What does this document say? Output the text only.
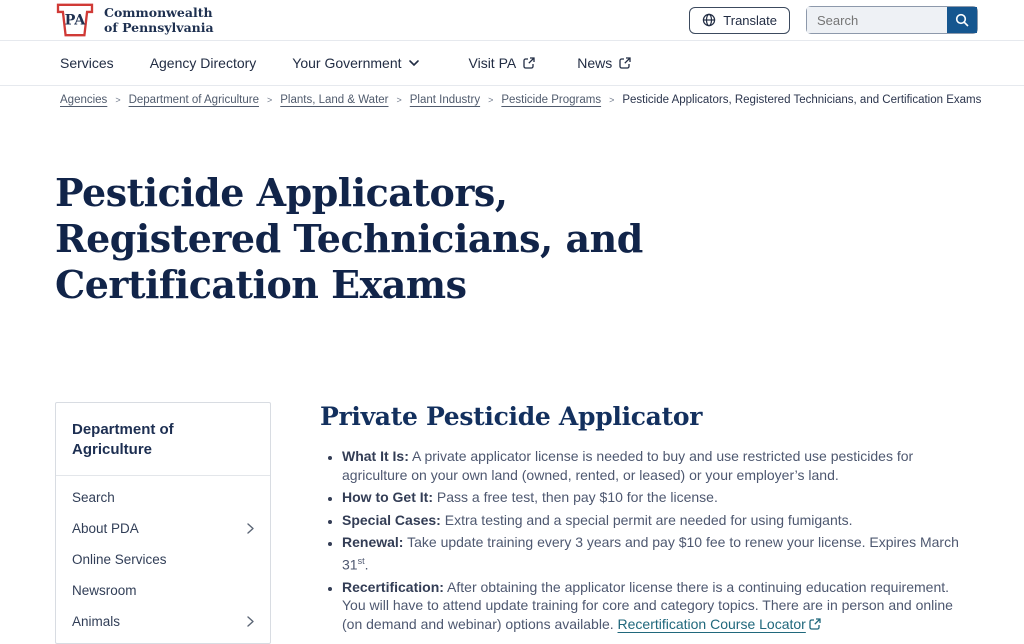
PA Commonwealth
of Pennsylvania	Translate
Search
Services	Agency Directory	Your Government	Visit PA	News
Agencies > Department of Agriculture > Plants, Land & Water > Plant Industry > Pesticide Programs > Pesticide Applicators, Registered Technicians, and Certification Exams
Pesticide Applicators, Registered Technicians, and Certification Exams
Department of Agriculture
Search
About PDA
Online Services
Newsroom
Animals
Private Pesticide Applicator
• What It Is: A private applicator license is needed to buy and use restricted use pesticides for agriculture on your own land (owned, rented, or leased) or your employer’s land.
• How to Get It: Pass a free test, then pay $10 for the license.
• Special Cases: Extra testing and a special permit are needed for using fumigants.
• Renewal: Take update training every 3 years and pay $10 fee to renew your license. Expires March 31st.
• Recertification: After obtaining the applicator license there is a continuing education requirement. You will have to attend update training for core and category topics. There are in person and online (on demand and webinar) options available. Recertification Course Locator
